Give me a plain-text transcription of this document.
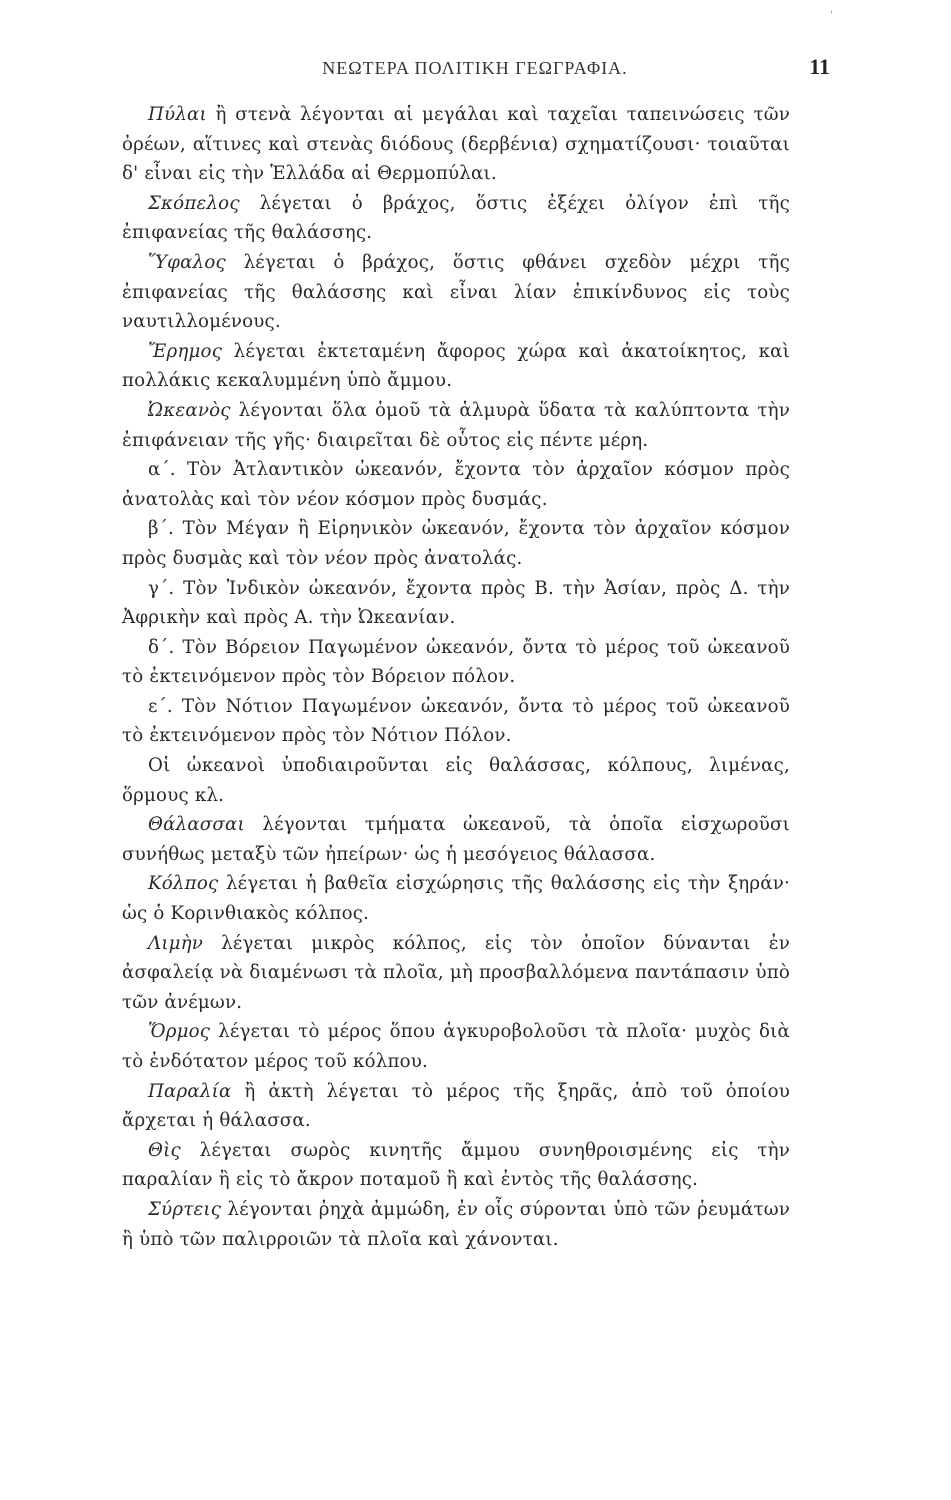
'
ΝΕΩΤΕΡΑ ΠΟΛΙΤΙΚΗ ΓΕΩΓΡΑΦΙΑ.	11

Πύλαι ἢ στενὰ λέγονται αἱ μεγάλαι καὶ ταχεῖαι ταπεινώσεις τῶν ὀρέων, αἵτινες καὶ στενὰς διόδους (δερβένια) σχηματίζουσι· τοιαῦται δ' εἶναι εἰς τὴν Ἑλλάδα αἱ Θερμοπύλαι.

Σκόπελος λέγεται ὁ βράχος, ὅστις ἐξέχει ὀλίγον ἐπὶ τῆς ἐπιφανείας τῆς θαλάσσης.

Ὕφαλος λέγεται ὁ βράχος, ὅστις φθάνει σχεδὸν μέχρι τῆς ἐπιφανείας τῆς θαλάσσης καὶ εἶναι λίαν ἐπικίνδυνος εἰς τοὺς ναυτιλλομένους.

Ἔρημος λέγεται ἐκτεταμένη ἄφορος χώρα καὶ ἀκατοίκητος, καὶ πολλάκις κεκαλυμμένη ὑπὸ ἄμμου.

Ὠκεανὸς λέγονται ὅλα ὁμοῦ τὰ ἁλμυρὰ ὕδατα τὰ καλύπτοντα τὴν ἐπιφάνειαν τῆς γῆς· διαιρεῖται δὲ οὗτος εἰς πέντε μέρη.

α΄. Τὸν Ἀτλαντικὸν ὠκεανόν, ἔχοντα τὸν ἀρχαῖον κόσμον πρὸς ἀνατολὰς καὶ τὸν νέον κόσμον πρὸς δυσμάς.

β΄. Τὸν Μέγαν ἢ Εἰρηνικὸν ὠκεανόν, ἔχοντα τὸν ἀρχαῖον κόσμον πρὸς δυσμὰς καὶ τὸν νέον πρὸς ἀνατολάς.

γ΄. Τὸν Ἰνδικὸν ὠκεανόν, ἔχοντα πρὸς Β. τὴν Ἀσίαν, πρὸς Δ. τὴν Ἀφρικὴν καὶ πρὸς Α. τὴν Ὠκεανίαν.

δ΄. Τὸν Βόρειον Παγωμένον ὠκεανόν, ὄντα τὸ μέρος τοῦ ὠκεανοῦ τὸ ἐκτεινόμενον πρὸς τὸν Βόρειον πόλον.

ε΄. Τὸν Νότιον Παγωμένον ὠκεανόν, ὄντα τὸ μέρος τοῦ ὠκεανοῦ τὸ ἐκτεινόμενον πρὸς τὸν Νότιον Πόλον.

Οἱ ὠκεανοὶ ὑποδιαιροῦνται εἰς θαλάσσας, κόλπους, λιμένας, ὅρμους κλ.

Θάλασσαι λέγονται τμήματα ὠκεανοῦ, τὰ ὁποῖα εἰσχωροῦσι συνήθως μεταξὺ τῶν ἠπείρων· ὡς ἡ μεσόγειος θάλασσα.

Κόλπος λέγεται ἡ βαθεῖα εἰσχώρησις τῆς θαλάσσης εἰς τὴν ξηράν· ὡς ὁ Κορινθιακὸς κόλπος.

Λιμὴν λέγεται μικρὸς κόλπος, εἰς τὸν ὁποῖον δύνανται ἐν ἀσφαλείᾳ νὰ διαμένωσι τὰ πλοῖα, μὴ προσβαλλόμενα παντάπασιν ὑπὸ τῶν ἀνέμων.

Ὅρμος λέγεται τὸ μέρος ὅπου ἀγκυροβολοῦσι τὰ πλοῖα· μυχὸς διὰ τὸ ἐνδότατον μέρος τοῦ κόλπου.

Παραλία ἢ ἀκτὴ λέγεται τὸ μέρος τῆς ξηρᾶς, ἀπὸ τοῦ ὁποίου ἄρχεται ἡ θάλασσα.

Θὶς λέγεται σωρὸς κινητῆς ἄμμου συνηθροισμένης εἰς τὴν παραλίαν ἢ εἰς τὸ ἄκρον ποταμοῦ ἢ καὶ ἐντὸς τῆς θαλάσσης.

Σύρτεις λέγονται ῥηχὰ ἀμμώδη, ἐν οἷς σύρονται ὑπὸ τῶν ῥευμάτων ἢ ὑπὸ τῶν παλιρροιῶν τὰ πλοῖα καὶ χάνονται.
